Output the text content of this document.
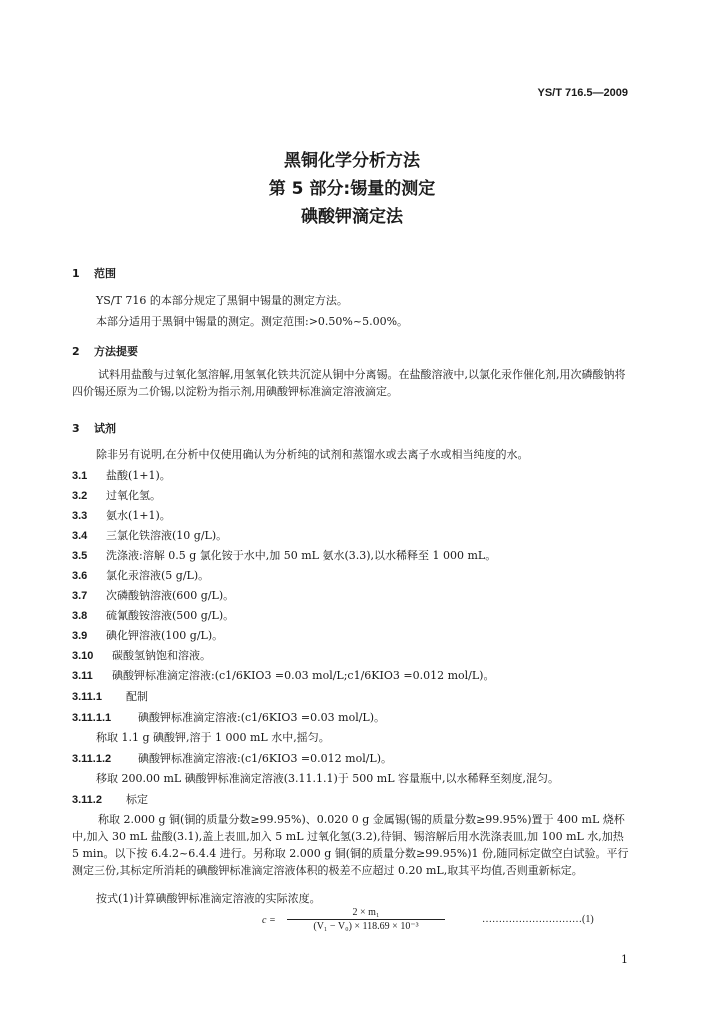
YS/T 716.5—2009
黑铜化学分析方法
第 5 部分:锡量的测定
碘酸钾滴定法
1 范围
YS/T 716 的本部分规定了黑铜中锡量的测定方法。
本部分适用于黑铜中锡量的测定。测定范围:>0.50%~5.00%。
2 方法提要
试料用盐酸与过氧化氢溶解,用氢氧化铁共沉淀从铜中分离锡。在盐酸溶液中,以氯化汞作催化剂,用次磷酸钠将四价锡还原为二价锡,以淀粉为指示剂,用碘酸钾标准滴定溶液滴定。
3 试剂
除非另有说明,在分析中仅使用确认为分析纯的试剂和蒸馏水或去离子水或相当纯度的水。
3.1 盐酸(1+1)。
3.2 过氧化氢。
3.3 氨水(1+1)。
3.4 三氯化铁溶液(10 g/L)。
3.5 洗涤液:溶解 0.5 g 氯化铵于水中,加 50 mL 氨水(3.3),以水稀释至 1 000 mL。
3.6 氯化汞溶液(5 g/L)。
3.7 次磷酸钠溶液(600 g/L)。
3.8 硫氰酸铵溶液(500 g/L)。
3.9 碘化钾溶液(100 g/L)。
3.10 碳酸氢钠饱和溶液。
3.11 碘酸钾标准滴定溶液:(c1/6KIO3 =0.03 mol/L;c1/6KIO3 =0.012 mol/L)。
3.11.1 配制
3.11.1.1 碘酸钾标准滴定溶液:(c1/6KIO3 =0.03 mol/L)。
称取 1.1 g 碘酸钾,溶于 1 000 mL 水中,摇匀。
3.11.1.2 碘酸钾标准滴定溶液:(c1/6KIO3 =0.012 mol/L)。
移取 200.00 mL 碘酸钾标准滴定溶液(3.11.1.1)于 500 mL 容量瓶中,以水稀释至刻度,混匀。
3.11.2 标定
称取 2.000 g 铜(铜的质量分数≥99.95%)、0.020 0 g 金属锡(锡的质量分数≥99.95%)置于 400 mL 烧杯中,加入 30 mL 盐酸(3.1),盖上表皿,加入 5 mL 过氧化氢(3.2),待铜、锡溶解后用水洗涤表皿,加 100 mL 水,加热 5 min。以下按 6.4.2~6.4.4 进行。另称取 2.000 g 铜(铜的质量分数≥99.95%)1 份,随同标定做空白试验。平行测定三份,其标定所消耗的碘酸钾标准滴定溶液体积的极差不应超过 0.20 mL,取其平均值,否则重新标定。
按式(1)计算碘酸钾标准滴定溶液的实际浓度。
$c = \frac{\text{2 × m₁}}{\text{(V₁ − V₀) × 118.69 × 10⁻³}}$	…………………………(1)
1
